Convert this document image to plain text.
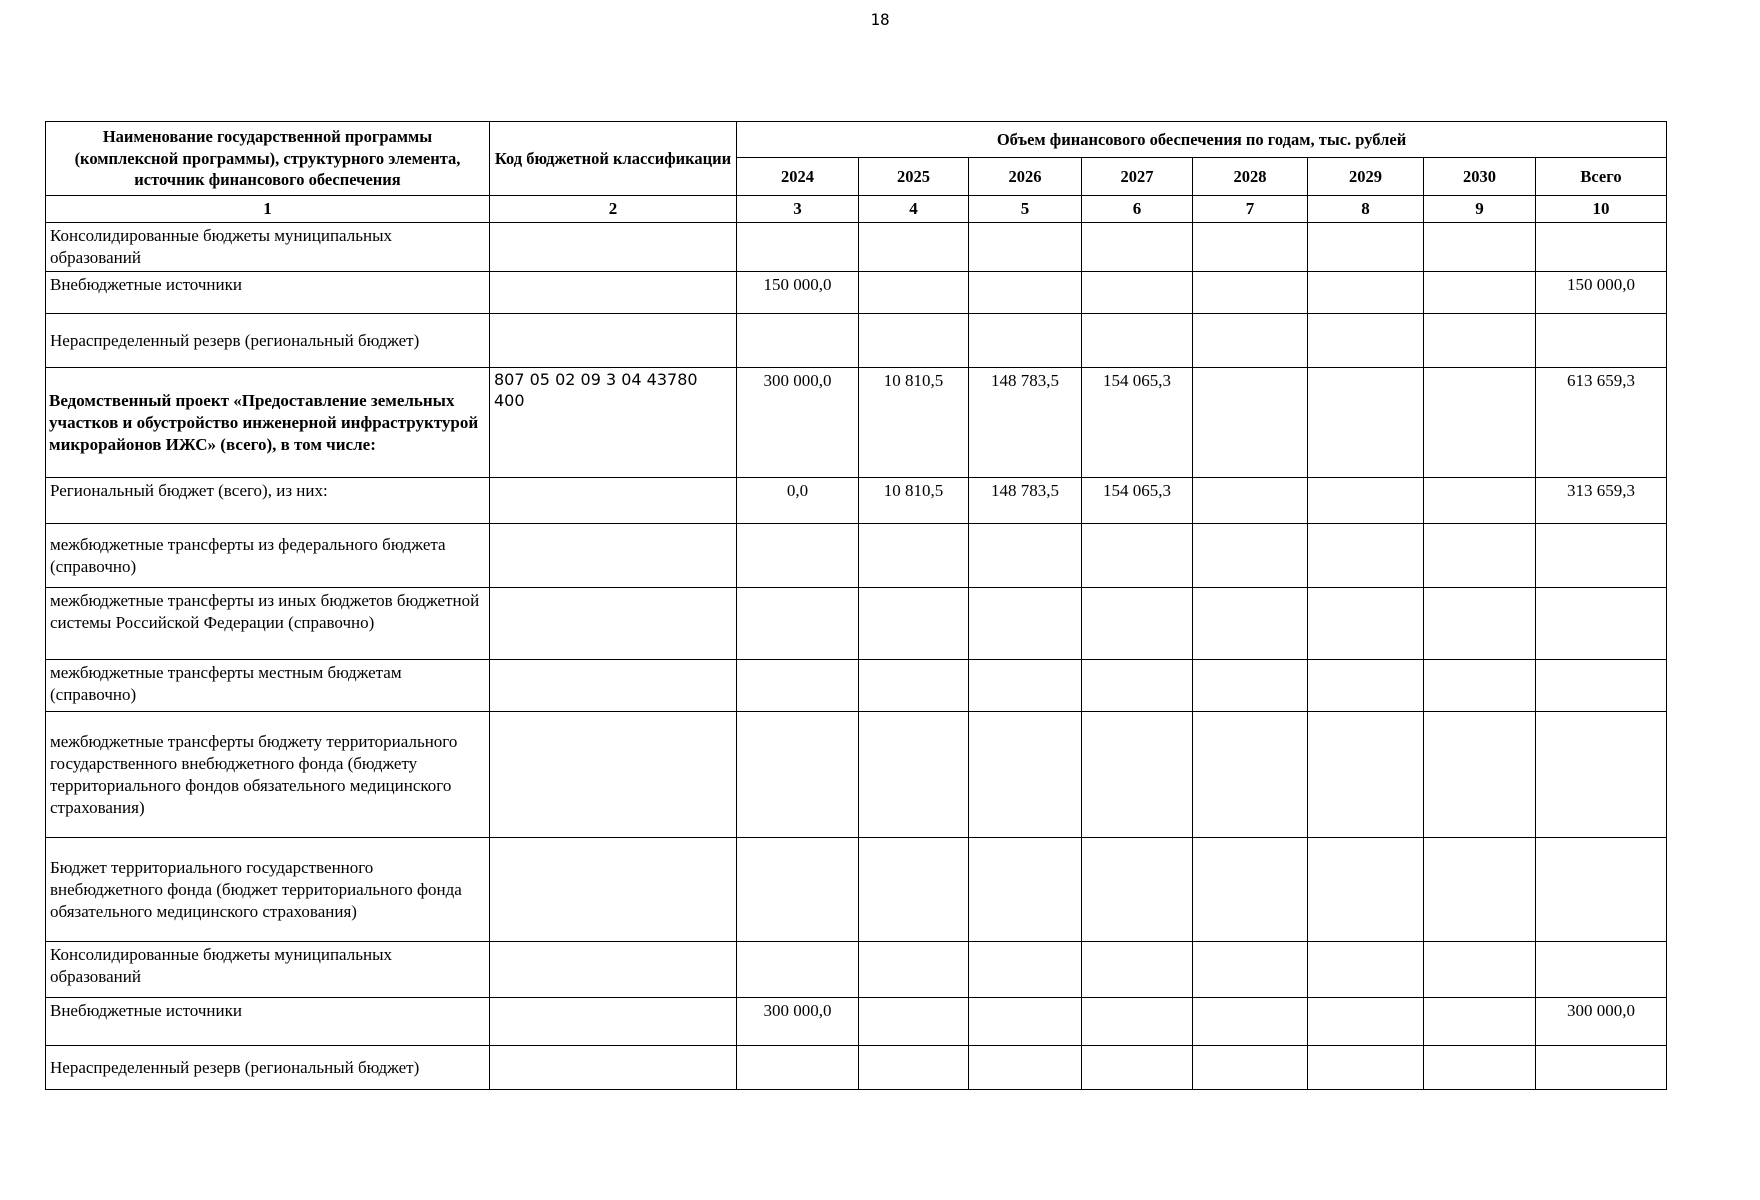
18
Наименование государственной программы (комплексной программы), структурного элемента, источник финансового обеспечения	Код бюджетной классификации	Объем финансового обеспечения по годам, тыс. рублей							
		2024	2025	2026	2027	2028	2029	2030	Всего
1	2	3	4	5	6	7	8	9	10
Консолидированные бюджеты муниципальных образований									
Внебюджетные источники		150 000,0							150 000,0
Нераспределенный резерв (региональный бюджет)									
Ведомственный проект «Предоставление земельных участков и обустройство инженерной инфраструктурой микрорайонов ИЖС» (всего), в том числе:	807 05 02 09 3 04 43780 400	300 000,0	10 810,5	148 783,5	154 065,3				613 659,3
Региональный бюджет (всего), из них:		0,0	10 810,5	148 783,5	154 065,3				313 659,3
межбюджетные трансферты из федерального бюджета (справочно)									
межбюджетные трансферты из иных бюджетов бюджетной системы Российской Федерации (справочно)									
межбюджетные трансферты местным бюджетам (справочно)									
межбюджетные трансферты бюджету территориального государственного внебюджетного фонда (бюджету территориального фондов обязательного медицинского страхования)									
Бюджет территориального государственного внебюджетного фонда (бюджет территориального фонда обязательного медицинского страхования)									
Консолидированные бюджеты муниципальных образований									
Внебюджетные источники		300 000,0							300 000,0
Нераспределенный резерв (региональный бюджет)									
